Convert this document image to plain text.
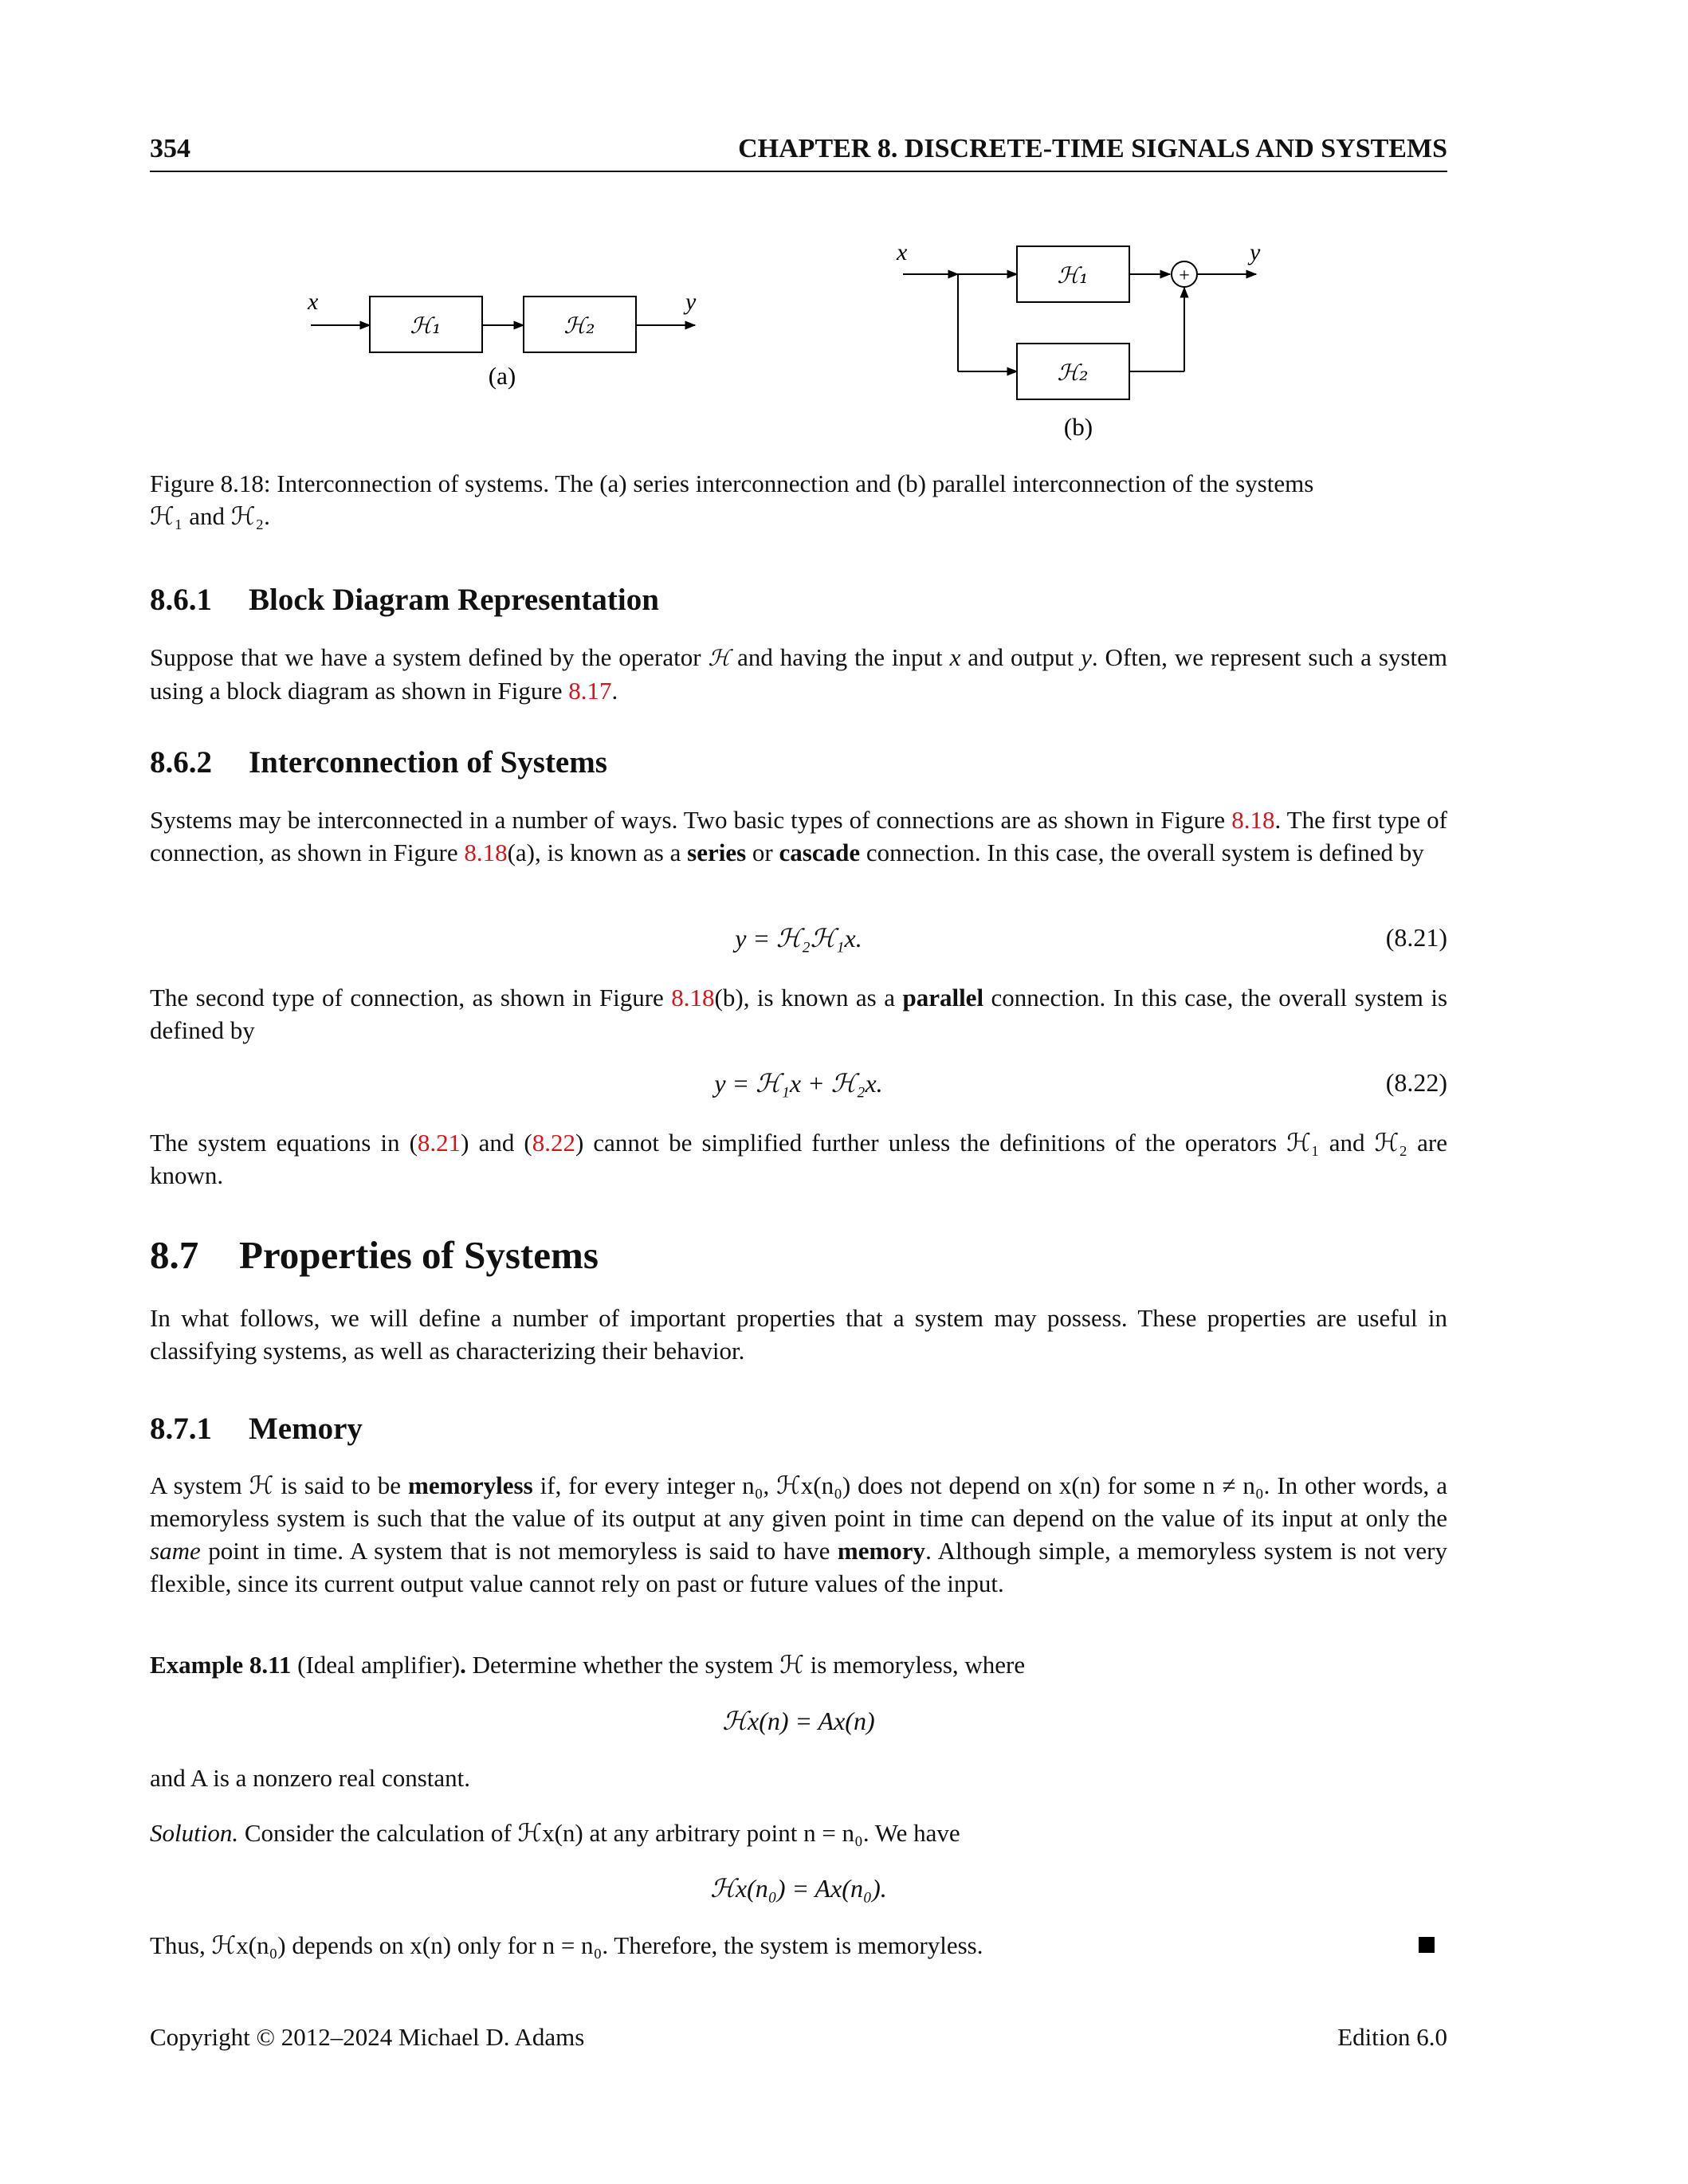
354	CHAPTER 8. DISCRETE-TIME SIGNALS AND SYSTEMS
x
ℋ₁	ℋ₂
y
(a)
x
ℋ₁
ℋ₂
+
y
(b)

Figure 8.18: Interconnection of systems. The (a) series interconnection and (b) parallel interconnection of the systems
ℋ₁ and ℋ₂.

8.6.1 Block Diagram Representation

Suppose that we have a system defined by the operator ℋ and having the input x and output y. Often, we represent such a system using a block diagram as shown in Figure 8.17.

8.6.2 Interconnection of Systems

Systems may be interconnected in a number of ways. Two basic types of connections are as shown in Figure 8.18. The first type of connection, as shown in Figure 8.18(a), is known as a series or cascade connection. In this case, the overall system is defined by

y = ℋ₂ℋ₁x.	(8.21)

The second type of connection, as shown in Figure 8.18(b), is known as a parallel connection. In this case, the overall system is defined by

y = ℋ₁x + ℋ₂x.	(8.22)

The system equations in (8.21) and (8.22) cannot be simplified further unless the definitions of the operators ℋ₁ and ℋ₂ are known.

8.7 Properties of Systems

In what follows, we will define a number of important properties that a system may possess. These properties are useful in classifying systems, as well as characterizing their behavior.

8.7.1 Memory

A system ℋ is said to be memoryless if, for every integer n₀, ℋx(n₀) does not depend on x(n) for some n ≠ n₀. In other words, a memoryless system is such that the value of its output at any given point in time can depend on the value of its input at only the same point in time. A system that is not memoryless is said to have memory. Although simple, a memoryless system is not very flexible, since its current output value cannot rely on past or future values of the input.

Example 8.11 (Ideal amplifier). Determine whether the system ℋ is memoryless, where

ℋx(n) = Ax(n)

and A is a nonzero real constant.

Solution. Consider the calculation of ℋx(n) at any arbitrary point n = n₀. We have

ℋx(n₀) = Ax(n₀).

Thus, ℋx(n₀) depends on x(n) only for n = n₀. Therefore, the system is memoryless.

Copyright © 2012–2024 Michael D. Adams	Edition 6.0
